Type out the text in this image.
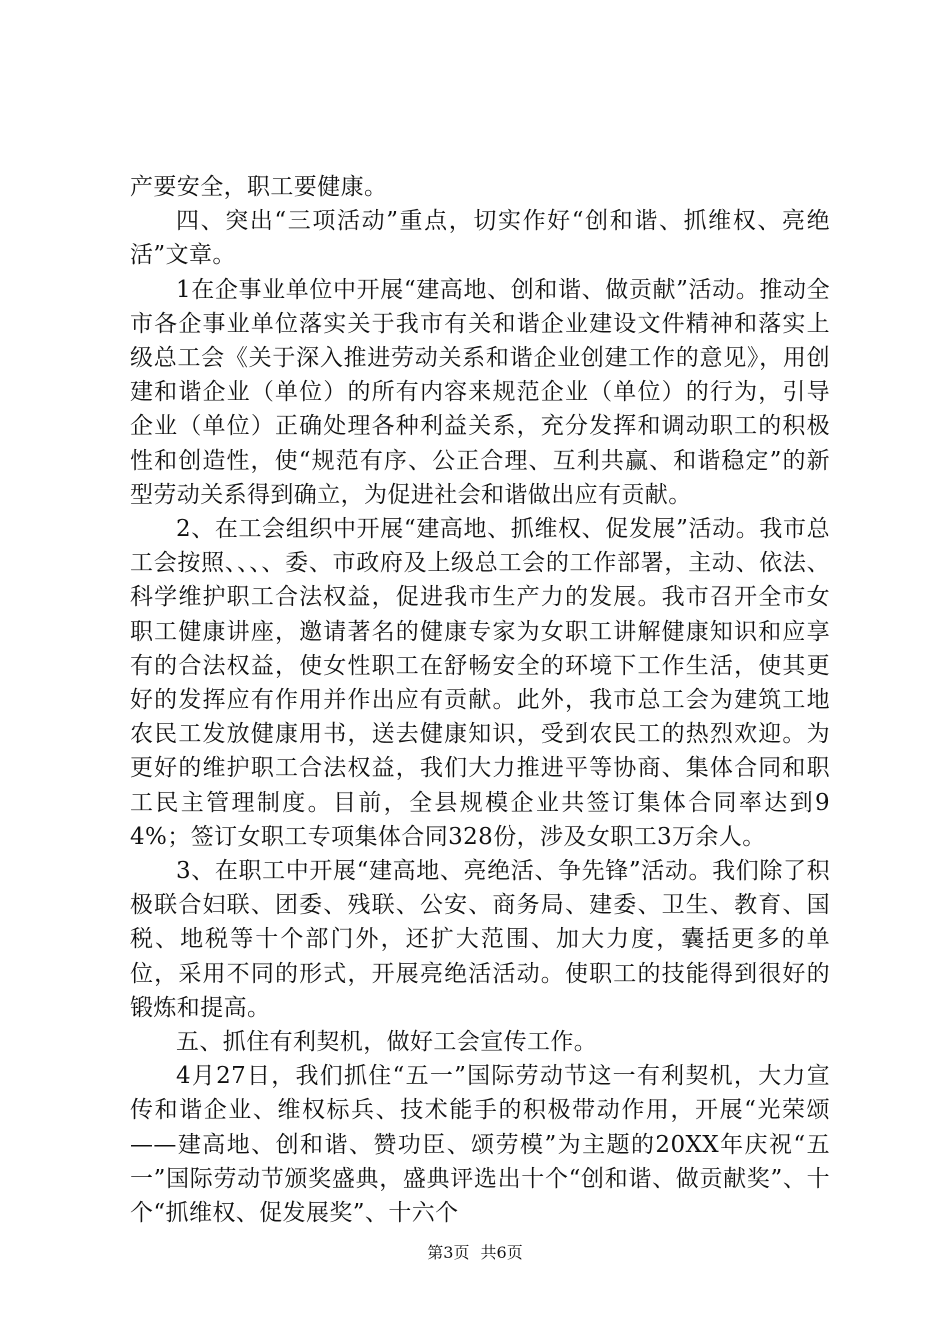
产要安全，职工要健康。

四、突出“三项活动”重点，切实作好“创和谐、抓维权、亮绝活”文章。

1在企事业单位中开展“建高地、创和谐、做贡献”活动。推动全市各企事业单位落实关于我市有关和谐企业建设文件精神和落实上级总工会《关于深入推进劳动关系和谐企业创建工作的意见》，用创建和谐企业（单位）的所有内容来规范企业（单位）的行为，引导企业（单位）正确处理各种利益关系，充分发挥和调动职工的积极性和创造性，使“规范有序、公正合理、互利共赢、和谐稳定”的新型劳动关系得到确立，为促进社会和谐做出应有贡献。

2、在工会组织中开展“建高地、抓维权、促发展”活动。我市总工会按照、、、、委、市政府及上级总工会的工作部署，主动、依法、科学维护职工合法权益，促进我市生产力的发展。我市召开全市女职工健康讲座，邀请著名的健康专家为女职工讲解健康知识和应享有的合法权益，使女性职工在舒畅安全的环境下工作生活，使其更好的发挥应有作用并作出应有贡献。此外，我市总工会为建筑工地农民工发放健康用书，送去健康知识，受到农民工的热烈欢迎。为更好的维护职工合法权益，我们大力推进平等协商、集体合同和职工民主管理制度。目前，全县规模企业共签订集体合同率达到94%；签订女职工专项集体合同328份，涉及女职工3万余人。

3、在职工中开展“建高地、亮绝活、争先锋”活动。我们除了积极联合妇联、团委、残联、公安、商务局、建委、卫生、教育、国税、地税等十个部门外，还扩大范围、加大力度，囊括更多的单位，采用不同的形式，开展亮绝活活动。使职工的技能得到很好的锻炼和提高。

五、抓住有利契机，做好工会宣传工作。

4月27日，我们抓住“五一”国际劳动节这一有利契机，大力宣传和谐企业、维权标兵、技术能手的积极带动作用，开展“光荣颂——建高地、创和谐、赞功臣、颂劳模”为主题的20XX年庆祝“五一”国际劳动节颁奖盛典，盛典评选出十个“创和谐、做贡献奖”、十个“抓维权、促发展奖”、十六个

第3页 共6页
